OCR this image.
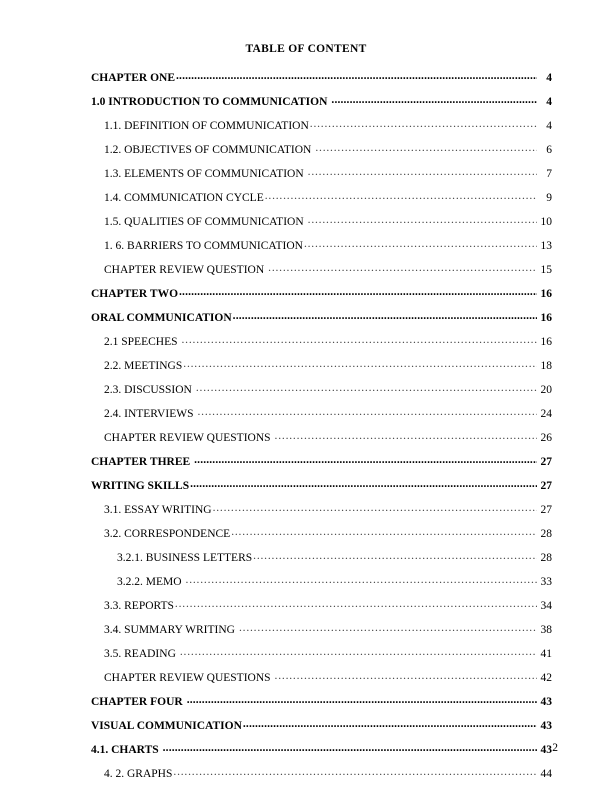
TABLE OF CONTENT
CHAPTER ONE .....	4
1.0 INTRODUCTION TO COMMUNICATION .....	4
1.1. DEFINITION OF COMMUNICATION .....	4
1.2. OBJECTIVES OF COMMUNICATION .....	6
1.3. ELEMENTS OF COMMUNICATION .....	7
1.4. COMMUNICATION CYCLE .....	9
1.5. QUALITIES OF COMMUNICATION .....	10
1. 6. BARRIERS TO COMMUNICATION .....	13
CHAPTER REVIEW QUESTION .....	15
CHAPTER TWO .....	16
ORAL COMMUNICATION .....	16
2.1 SPEECHES .....	16
2.2. MEETINGS .....	18
2.3. DISCUSSION .....	20
2.4. INTERVIEWS .....	24
CHAPTER REVIEW QUESTIONS .....	26
CHAPTER THREE .....	27
WRITING SKILLS .....	27
3.1. ESSAY WRITING .....	27
3.2. CORRESPONDENCE .....	28
3.2.1. BUSINESS LETTERS .....	28
3.2.2. MEMO .....	33
3.3. REPORTS .....	34
3.4. SUMMARY WRITING .....	38
3.5. READING .....	41
CHAPTER REVIEW QUESTIONS .....	42
CHAPTER FOUR .....	43
VISUAL COMMUNICATION .....	43
4.1. CHARTS .....	43
4. 2. GRAPHS .....	44
2
